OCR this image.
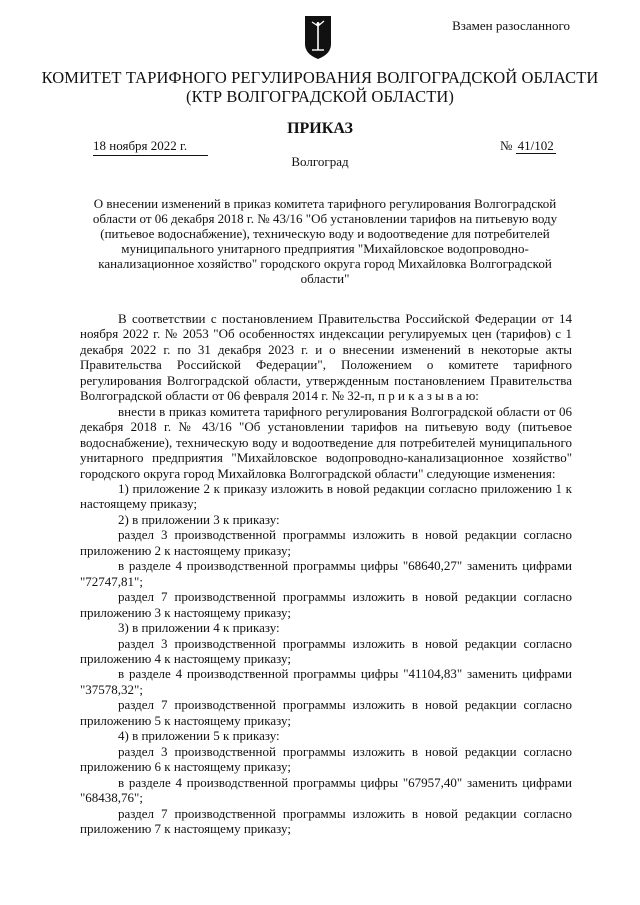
Взамен разосланного
КОМИТЕТ ТАРИФНОГО РЕГУЛИРОВАНИЯ ВОЛГОГРАДСКОЙ ОБЛАСТИ
(КТР ВОЛГОГРАДСКОЙ ОБЛАСТИ)
ПРИКАЗ
18 ноября 2022 г.	№ 41/102
Волгоград
О внесении изменений в приказ комитета тарифного регулирования Волгоградской области от 06 декабря 2018 г. № 43/16 "Об установлении тарифов на питьевую воду (питьевое водоснабжение), техническую воду и водоотведение для потребителей муниципального унитарного предприятия "Михайловское водопроводно-канализационное хозяйство" городского округа город Михайловка Волгоградской области"

В соответствии с постановлением Правительства Российской Федерации от 14 ноября 2022 г. № 2053 "Об особенностях индексации регулируемых цен (тарифов) с 1 декабря 2022 г. по 31 декабря 2023 г. и о внесении изменений в некоторые акты Правительства Российской Федерации", Положением о комитете тарифного регулирования Волгоградской области, утвержденным постановлением Правительства Волгоградской области от 06 февраля 2014 г. № 32-п, п р и к а з ы в а ю:

внести в приказ комитета тарифного регулирования Волгоградской области от 06 декабря 2018 г. № 43/16 "Об установлении тарифов на питьевую воду (питьевое водоснабжение), техническую воду и водоотведение для потребителей муниципального унитарного предприятия "Михайловское водопроводно-канализационное хозяйство" городского округа город Михайловка Волгоградской области" следующие изменения:

1) приложение 2 к приказу изложить в новой редакции согласно приложению 1 к настоящему приказу;

2) в приложении 3 к приказу:

раздел 3 производственной программы изложить в новой редакции согласно приложению 2 к настоящему приказу;

в разделе 4 производственной программы цифры "68640,27" заменить цифрами "72747,81";

раздел 7 производственной программы изложить в новой редакции согласно приложению 3 к настоящему приказу;

3) в приложении 4 к приказу:

раздел 3 производственной программы изложить в новой редакции согласно приложению 4 к настоящему приказу;

в разделе 4 производственной программы цифры "41104,83" заменить цифрами "37578,32";

раздел 7 производственной программы изложить в новой редакции согласно приложению 5 к настоящему приказу;

4) в приложении 5 к приказу:

раздел 3 производственной программы изложить в новой редакции согласно приложению 6 к настоящему приказу;

в разделе 4 производственной программы цифры "67957,40" заменить цифрами "68438,76";

раздел 7 производственной программы изложить в новой редакции согласно приложению 7 к настоящему приказу;
